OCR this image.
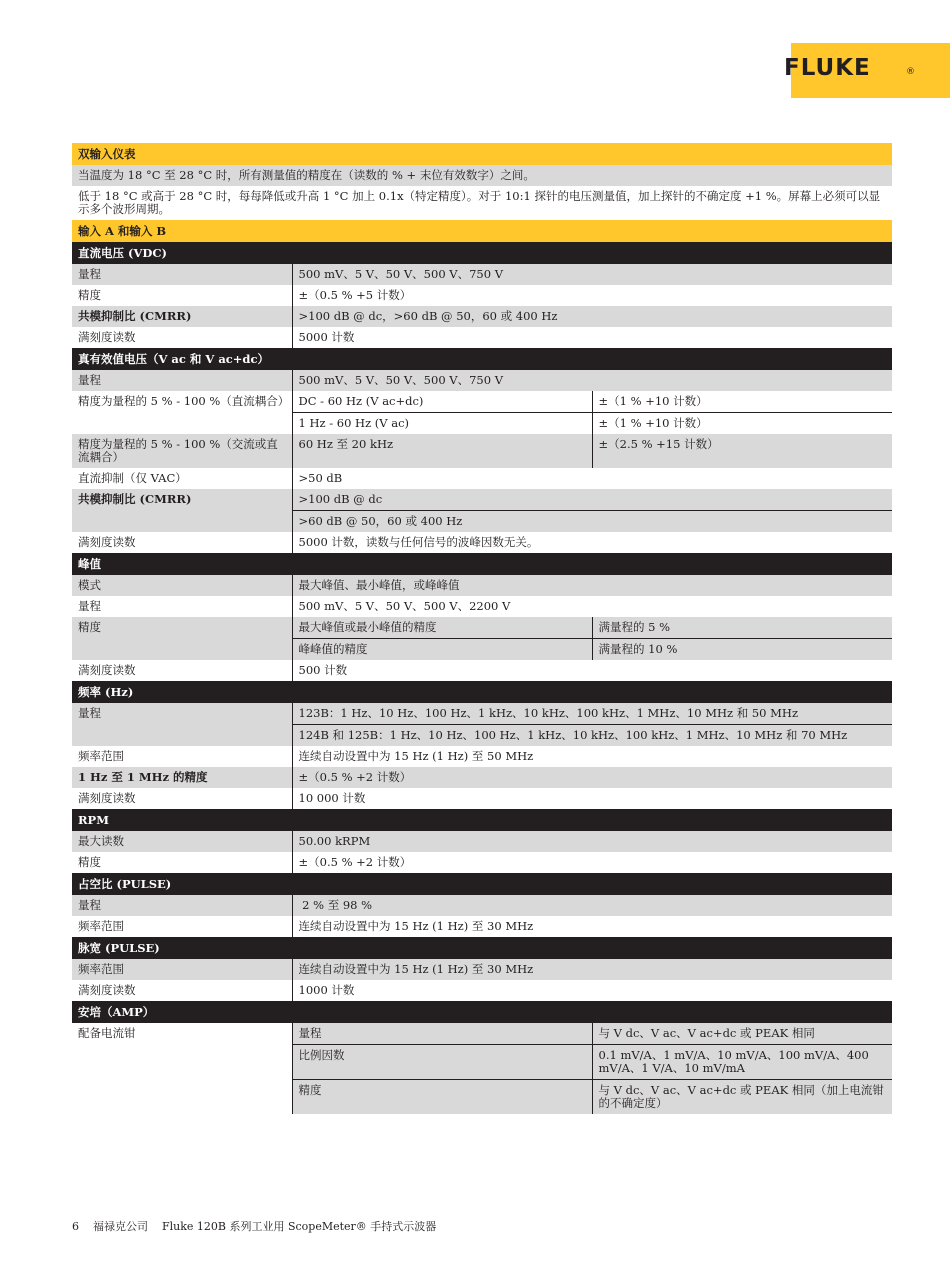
FLUKE	®
双输入仪表		
当温度为 18 °C 至 28 °C 时，所有测量值的精度在（读数的 % + 末位有效数字）之间。		
低于 18 °C 或高于 28 °C 时，每每降低或升高 1 °C 加上 0.1x（特定精度）。对于 10:1 探针的电压测量值，加上探针的不确定度 +1 %。屏幕上必须可以显示多个波形周期。		
输入 A 和输入 B		
直流电压 (VDC)		
量程	500 mV、5 V、50 V、500 V、750 V	
精度	±（0.5 % +5 计数）	
共模抑制比 (CMRR)	>100 dB @ dc，>60 dB @ 50，60 或 400 Hz	
满刻度读数	5000 计数	
真有效值电压（V ac 和 V ac+dc）		
量程	500 mV、5 V、50 V、500 V、750 V	
精度为量程的 5 % - 100 %（直流耦合）	DC - 60 Hz (V ac+dc)	±（1 % +10 计数）
	1 Hz - 60 Hz (V ac)	±（1 % +10 计数）
精度为量程的 5 % - 100 %（交流或直流耦合）	60 Hz 至 20 kHz	±（2.5 % +15 计数）
直流抑制（仅 VAC）	>50 dB	
共模抑制比 (CMRR)	>100 dB @ dc	
	>60 dB @ 50，60 或 400 Hz	
满刻度读数	5000 计数，读数与任何信号的波峰因数无关。	
峰值		
模式	最大峰值、最小峰值，或峰峰值	
量程	500 mV、5 V、50 V、500 V、2200 V	
精度	最大峰值或最小峰值的精度	满量程的 5 %
	峰峰值的精度	满量程的 10 %
满刻度读数	500 计数	
频率 (Hz)		
量程	123B：1 Hz、10 Hz、100 Hz、1 kHz、10 kHz、100 kHz、1 MHz、10 MHz 和 50 MHz	
	124B 和 125B：1 Hz、10 Hz、100 Hz、1 kHz、10 kHz、100 kHz、1 MHz、10 MHz 和 70 MHz	
频率范围	连续自动设置中为 15 Hz (1 Hz) 至 50 MHz	
1 Hz 至 1 MHz 的精度	±（0.5 % +2 计数）	
满刻度读数	10 000 计数	
RPM		
最大读数	50.00 kRPM	
精度	±（0.5 % +2 计数）	
占空比 (PULSE)		
量程	2 % 至 98 %	
频率范围	连续自动设置中为 15 Hz (1 Hz) 至 30 MHz	
脉宽 (PULSE)		
频率范围	连续自动设置中为 15 Hz (1 Hz) 至 30 MHz	
满刻度读数	1000 计数	
安培（AMP）		
配备电流钳	量程	与 V dc、V ac、V ac+dc 或 PEAK 相同
	比例因数	0.1 mV/A、1 mV/A、10 mV/A、100 mV/A、400 mV/A、1 V/A、10 mV/mA
	精度	与 V dc、V ac、V ac+dc 或 PEAK 相同（加上电流钳的不确定度）
6 福禄克公司 Fluke 120B 系列工业用 ScopeMeter® 手持式示波器
